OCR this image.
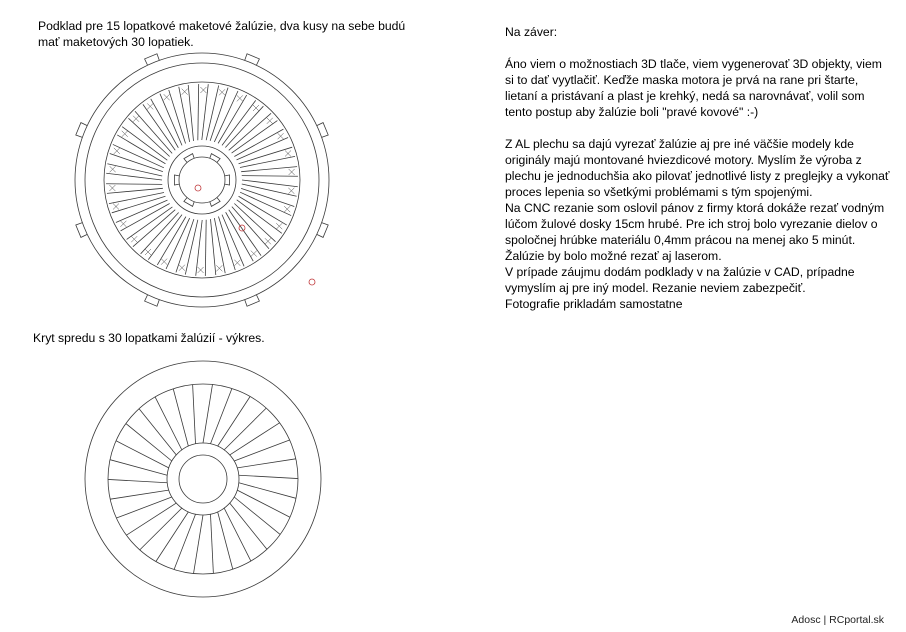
Podklad pre 15 lopatkové maketové žalúzie, dva kusy na sebe budú mať maketových 30 lopatiek.
Kryt spredu s 30 lopatkami žalúzií - výkres.

Na záver:

Áno viem o možnostiach 3D tlače, viem vygenerovať 3D objekty, viem si to dať vyytlačiť. Keďže maska motora je prvá na rane pri štarte, lietaní a pristávaní a plast je krehký, nedá sa narovnávať, volil som tento postup aby žalúzie boli "pravé kovové" :-)

Z AL plechu sa dajú vyrezať žalúzie aj pre iné väčšie modely kde originály majú montované hviezdicové motory. Myslím že výroba z plechu je jednoduchšia ako pilovať jednotlivé listy z preglejky a vykonať proces lepenia so všetkými problémami s tým spojenými.

Na CNC rezanie som oslovil pánov z firmy ktorá dokáže rezať vodným lúčom žulové dosky 15cm hrubé. Pre ich stroj bolo vyrezanie dielov o spoločnej hrúbke materiálu 0,4mm prácou na menej ako 5 minút. Žalúzie by bolo možné rezať aj laserom.

V prípade záujmu dodám podklady v na žalúzie v CAD, prípadne vymyslím aj pre iný model. Rezanie neviem zabezpečiť.

Fotografie prikladám samostatne

Adosc | RCportal.sk
